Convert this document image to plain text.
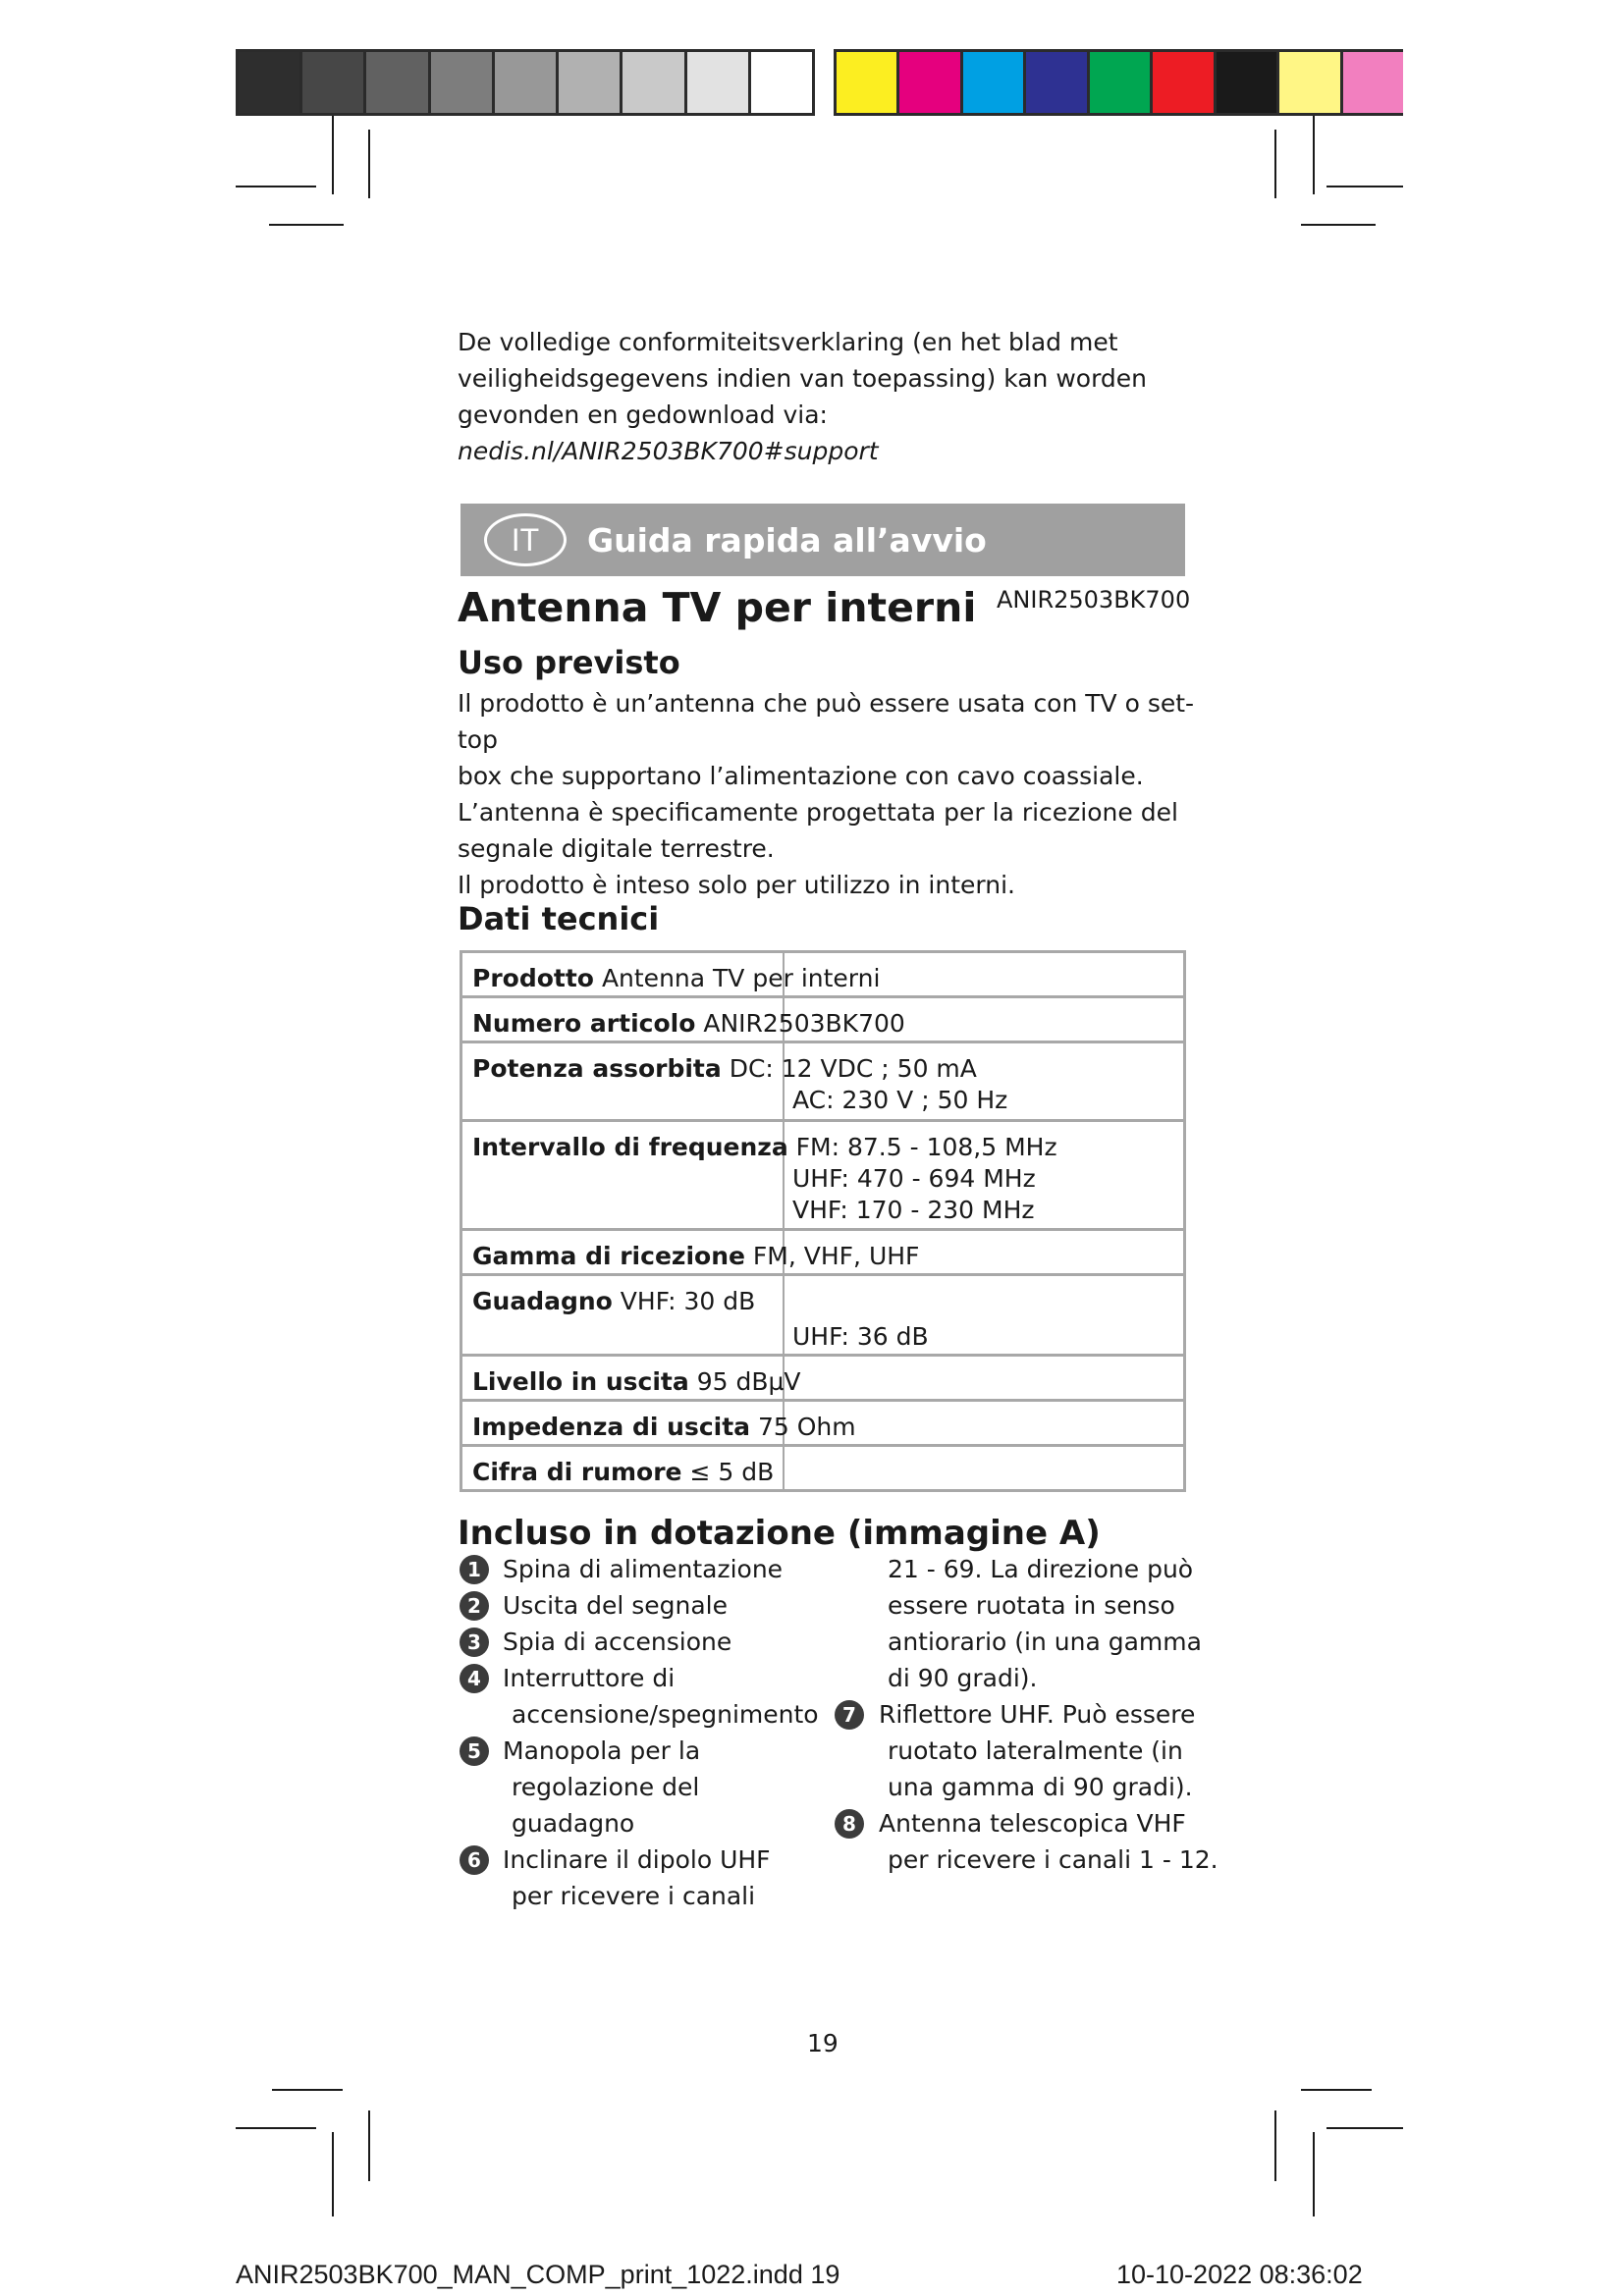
De volledige conformiteitsverklaring (en het blad met
veiligheidsgegevens indien van toepassing) kan worden
gevonden en gedownload via:
nedis.nl/ANIR2503BK700#support

IT	Guida rapida all’avvio
Antenna TV per interni ANIR2503BK700
Uso previsto

Il prodotto è un’antenna che può essere usata con TV o set-top
box che supportano l’alimentazione con cavo coassiale.
L’antenna è specificamente progettata per la ricezione del
segnale digitale terrestre.
Il prodotto è inteso solo per utilizzo in interni.

Dati tecnici
Prodotto Antenna TV per interni
Numero articolo ANIR2503BK700
Potenza assorbita DC: 12 VDC ; 50 mA
AC: 230 V ; 50 Hz
Intervallo di frequenza FM: 87.5 - 108,5 MHz
UHF: 470 - 694 MHz
VHF: 170 - 230 MHz
Gamma di ricezione FM, VHF, UHF
Guadagno VHF: 30 dB
UHF: 36 dB
Livello in uscita 95 dBµV
Impedenza di uscita 75 Ohm
Cifra di rumore ≤ 5 dB
Incluso in dotazione (immagine A)
1 Spina di alimentazione
2 Uscita del segnale
3 Spia di accensione
4 Interruttore di
accensione/spegnimento
5 Manopola per la
regolazione del
guadagno
6 Inclinare il dipolo UHF
per ricevere i canali
21 - 69. La direzione può
essere ruotata in senso
antiorario (in una gamma
di 90 gradi).
7 Riflettore UHF. Può essere
ruotato lateralmente (in
una gamma di 90 gradi).
8 Antenna telescopica VHF
per ricevere i canali 1 - 12.
19
ANIR2503BK700_MAN_COMP_print_1022.indd 19	10-10-2022 08:36:02
